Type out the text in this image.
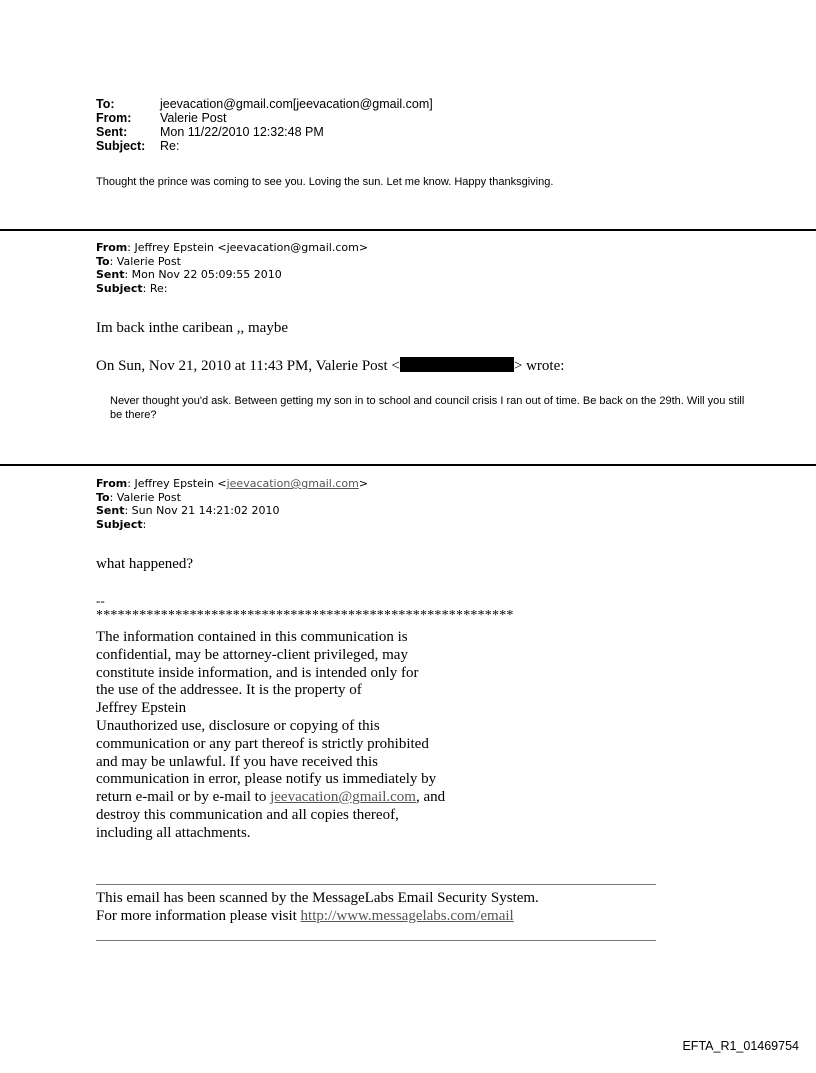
To:	jeevacation@gmail.com[jeevacation@gmail.com]
From:	Valerie Post
Sent:	Mon 11/22/2010 12:32:48 PM
Subject:	Re:
Thought the prince was coming to see you. Loving the sun. Let me know. Happy thanksgiving.
From: Jeffrey Epstein <jeevacation@gmail.com>
To: Valerie Post
Sent: Mon Nov 22 05:09:55 2010
Subject: Re:
Im back inthe caribean ,, maybe
On Sun, Nov 21, 2010 at 11:43 PM, Valerie Post <	> wrote:
Never thought you'd ask. Between getting my son in to school and council crisis I ran out of time. Be back on the 29th. Will you still be there?
From: Jeffrey Epstein <jeevacation@gmail.com>
To: Valerie Post
Sent: Sun Nov 21 14:21:02 2010
Subject:
what happened?
--
**********************************************************
The information contained in this communication is
confidential, may be attorney-client privileged, may
constitute inside information, and is intended only for
the use of the addressee. It is the property of
Jeffrey Epstein
Unauthorized use, disclosure or copying of this
communication or any part thereof is strictly prohibited
and may be unlawful. If you have received this
communication in error, please notify us immediately by
return e-mail or by e-mail to jeevacation@gmail.com, and
destroy this communication and all copies thereof,
including all attachments.
This email has been scanned by the MessageLabs Email Security System.
For more information please visit http://www.messagelabs.com/email
EFTA_R1_01469754
